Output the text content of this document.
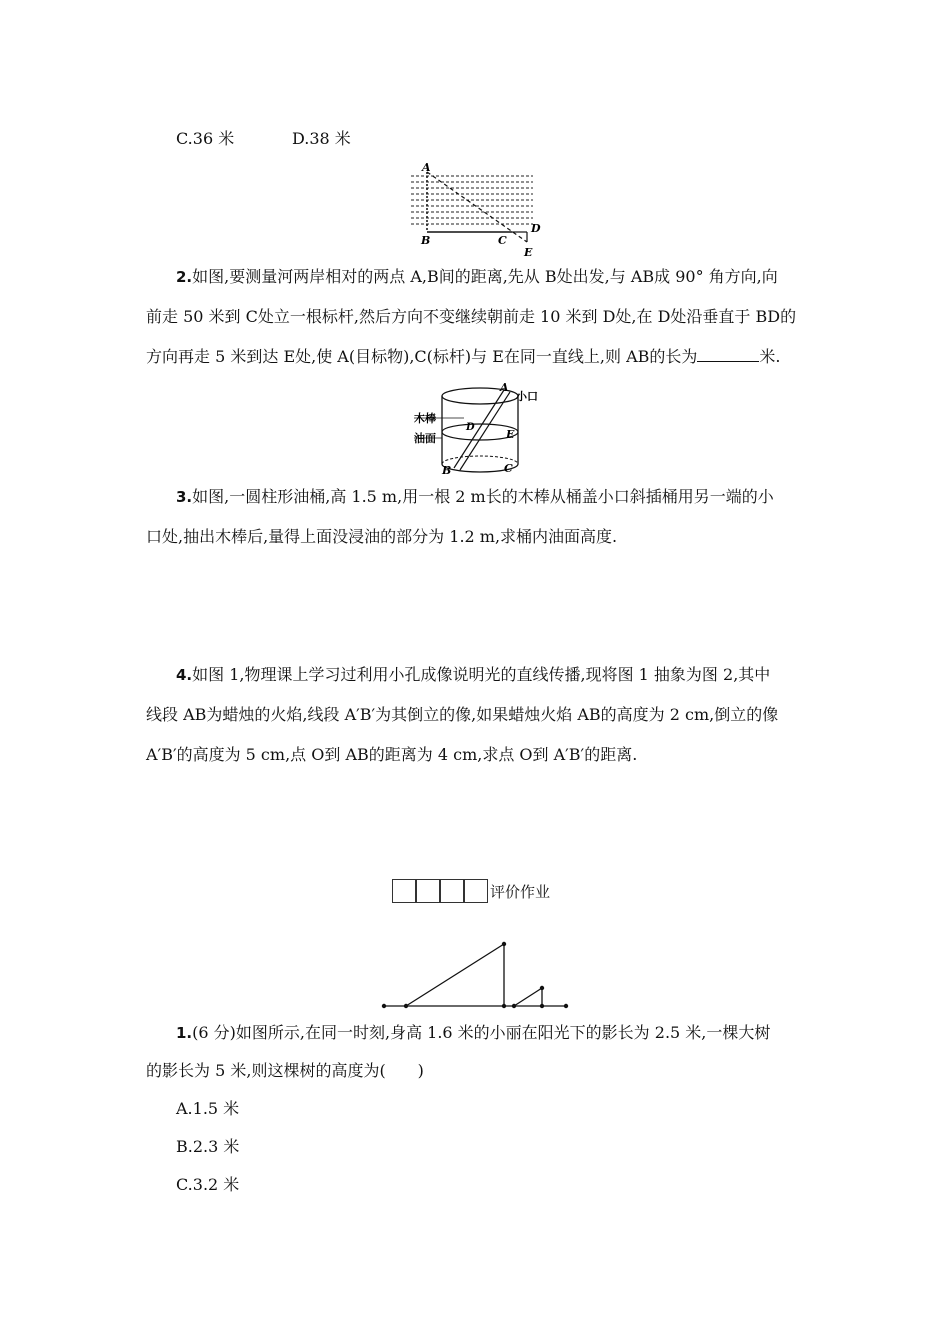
C.36 米	D.38 米
A
B	C
D
E
2.如图,要测量河两岸相对的两点 A,B间的距离,先从 B处出发,与 AB成 90° 角方向,向
前走 50 米到 C处立一根标杆,然后方向不变继续朝前走 10 米到 D处,在 D处沿垂直于 BD的
方向再走 5 米到达 E处,使 A(目标物),C(标杆)与 E在同一直线上,则 AB的长为	米.
A
小口
木棒
油面
D
E
B	C
3.如图,一圆柱形油桶,高 1.5 m,用一根 2 m长的木棒从桶盖小口斜插桶用另一端的小
口处,抽出木棒后,量得上面没浸油的部分为 1.2 m,求桶内油面高度.
4.如图 1,物理课上学习过利用小孔成像说明光的直线传播,现将图 1 抽象为图 2,其中
线段 AB为蜡烛的火焰,线段 A′B′为其倒立的像,如果蜡烛火焰 AB的高度为 2 cm,倒立的像
A′B′的高度为 5 cm,点 O到 AB的距离为 4 cm,求点 O到 A′B′的距离.
评价作业
1.(6 分)如图所示,在同一时刻,身高 1.6 米的小丽在阳光下的影长为 2.5 米,一棵大树
的影长为 5 米,则这棵树的高度为(　　)
A.1.5 米
B.2.3 米
C.3.2 米
